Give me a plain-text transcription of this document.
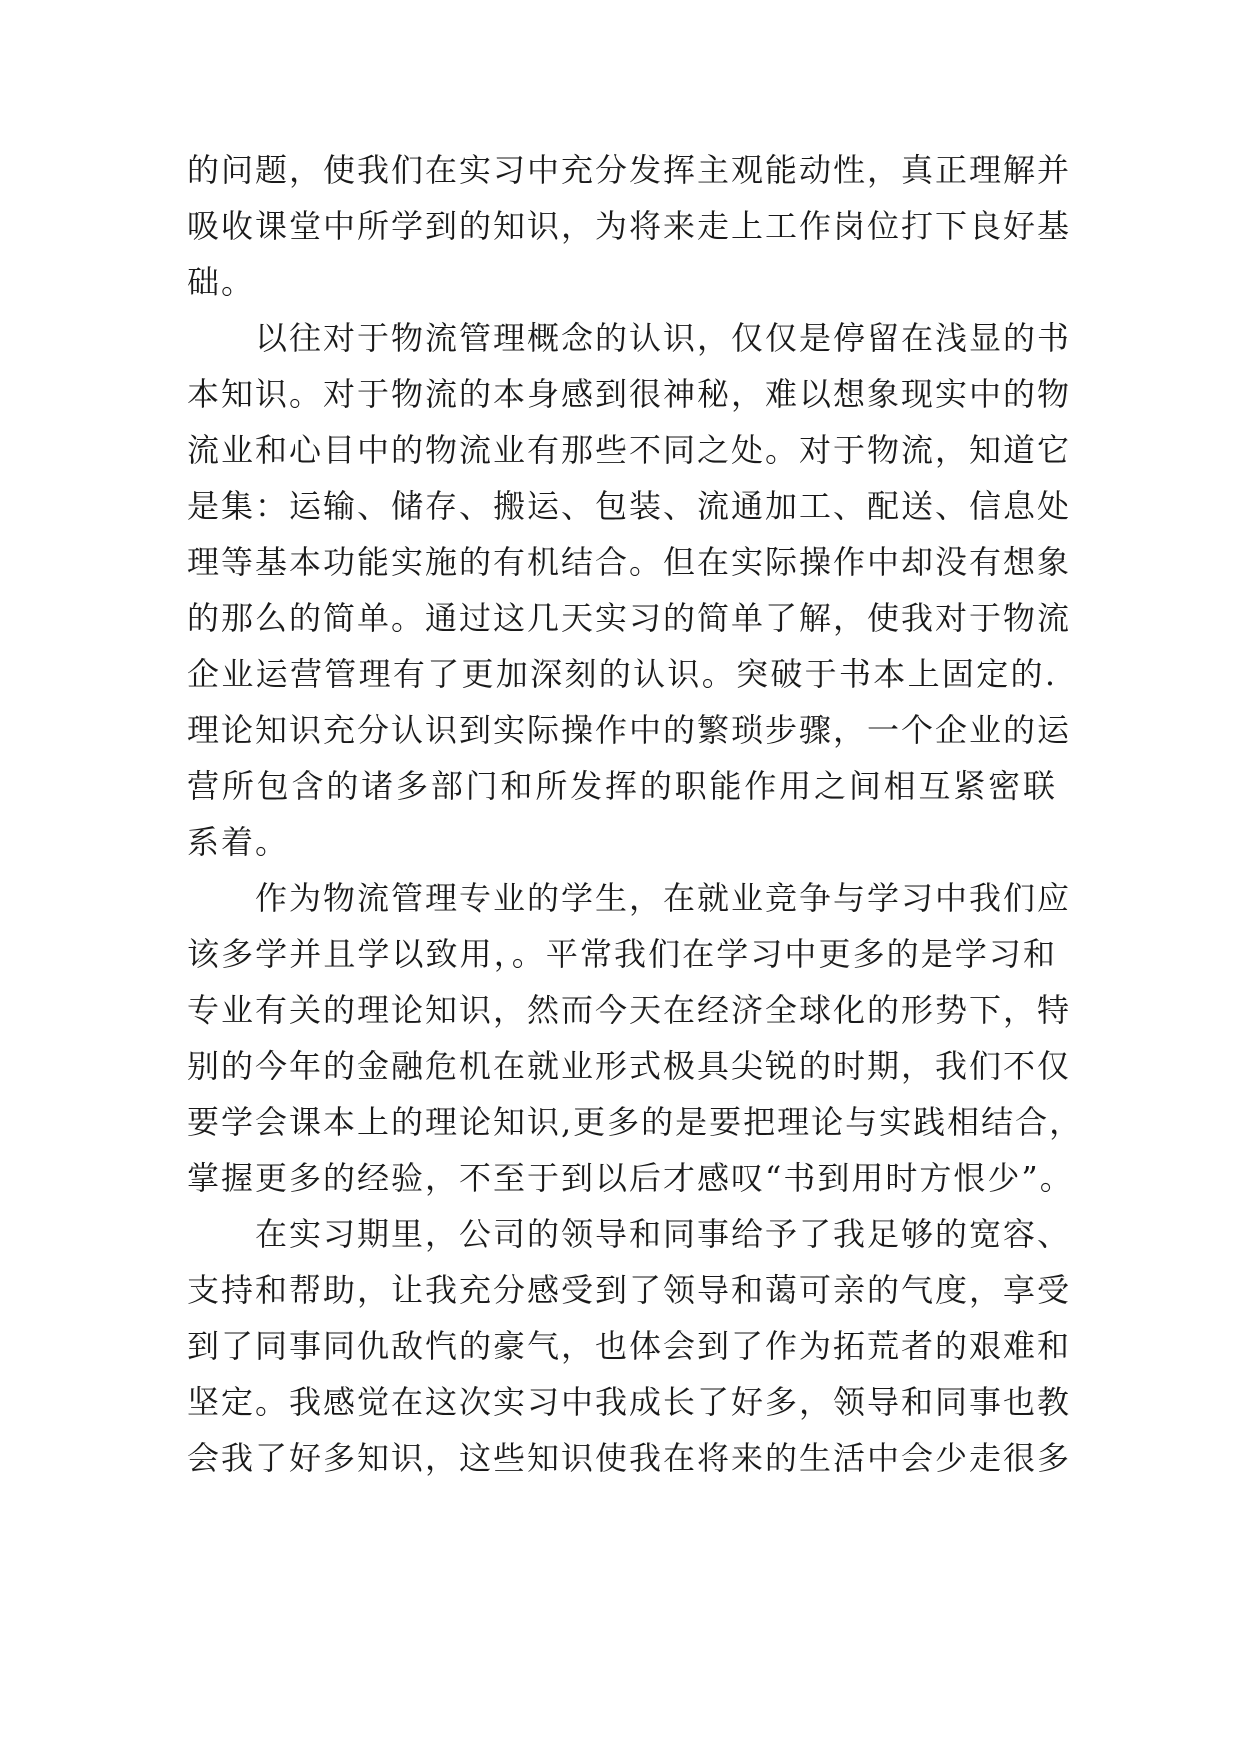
的问题，使我们在实习中充分发挥主观能动性，真正理解并
吸收课堂中所学到的知识，为将来走上工作岗位打下良好基
础。
以往对于物流管理概念的认识，仅仅是停留在浅显的书
本知识。对于物流的本身感到很神秘，难以想象现实中的物
流业和心目中的物流业有那些不同之处。对于物流，知道它
是集：运输、储存、搬运、包装、流通加工、配送、信息处
理等基本功能实施的有机结合。但在实际操作中却没有想象
的那么的简单。通过这几天实习的简单了解，使我对于物流
企业运营管理有了更加深刻的认识。突破于书本上固定的.
理论知识充分认识到实际操作中的繁琐步骤，一个企业的运
营所包含的诸多部门和所发挥的职能作用之间相互紧密联
系着。
作为物流管理专业的学生，在就业竞争与学习中我们应
该多学并且学以致用，。平常我们在学习中更多的是学习和
专业有关的理论知识，然而今天在经济全球化的形势下，特
别的今年的金融危机在就业形式极具尖锐的时期，我们不仅
要学会课本上的理论知识,更多的是要把理论与实践相结合，
掌握更多的经验，不至于到以后才感叹“书到用时方恨少”。
在实习期里，公司的领导和同事给予了我足够的宽容、
支持和帮助，让我充分感受到了领导和蔼可亲的气度，享受
到了同事同仇敌忾的豪气，也体会到了作为拓荒者的艰难和
坚定。我感觉在这次实习中我成长了好多，领导和同事也教
会我了好多知识，这些知识使我在将来的生活中会少走很多
